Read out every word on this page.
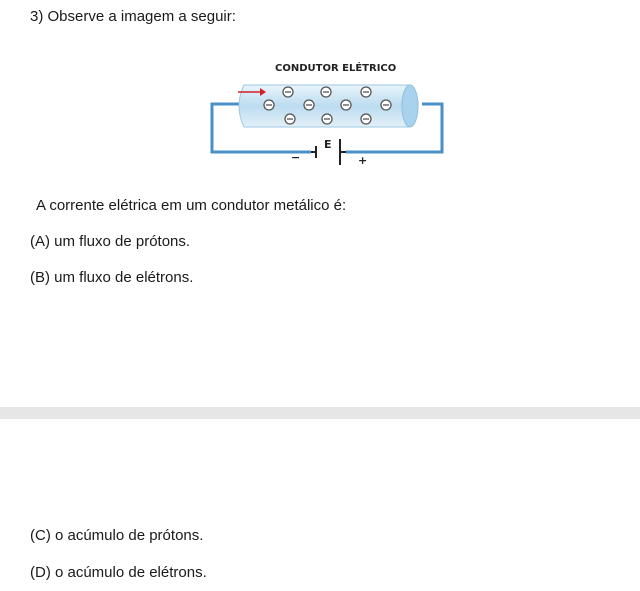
3) Observe a imagem a seguir:
CONDUTOR ELÉTRICO
E
−	+
A corrente elétrica em um condutor metálico é:
(A) um fluxo de prótons.
(B) um fluxo de elétrons.
(C) o acúmulo de prótons.
(D) o acúmulo de elétrons.
